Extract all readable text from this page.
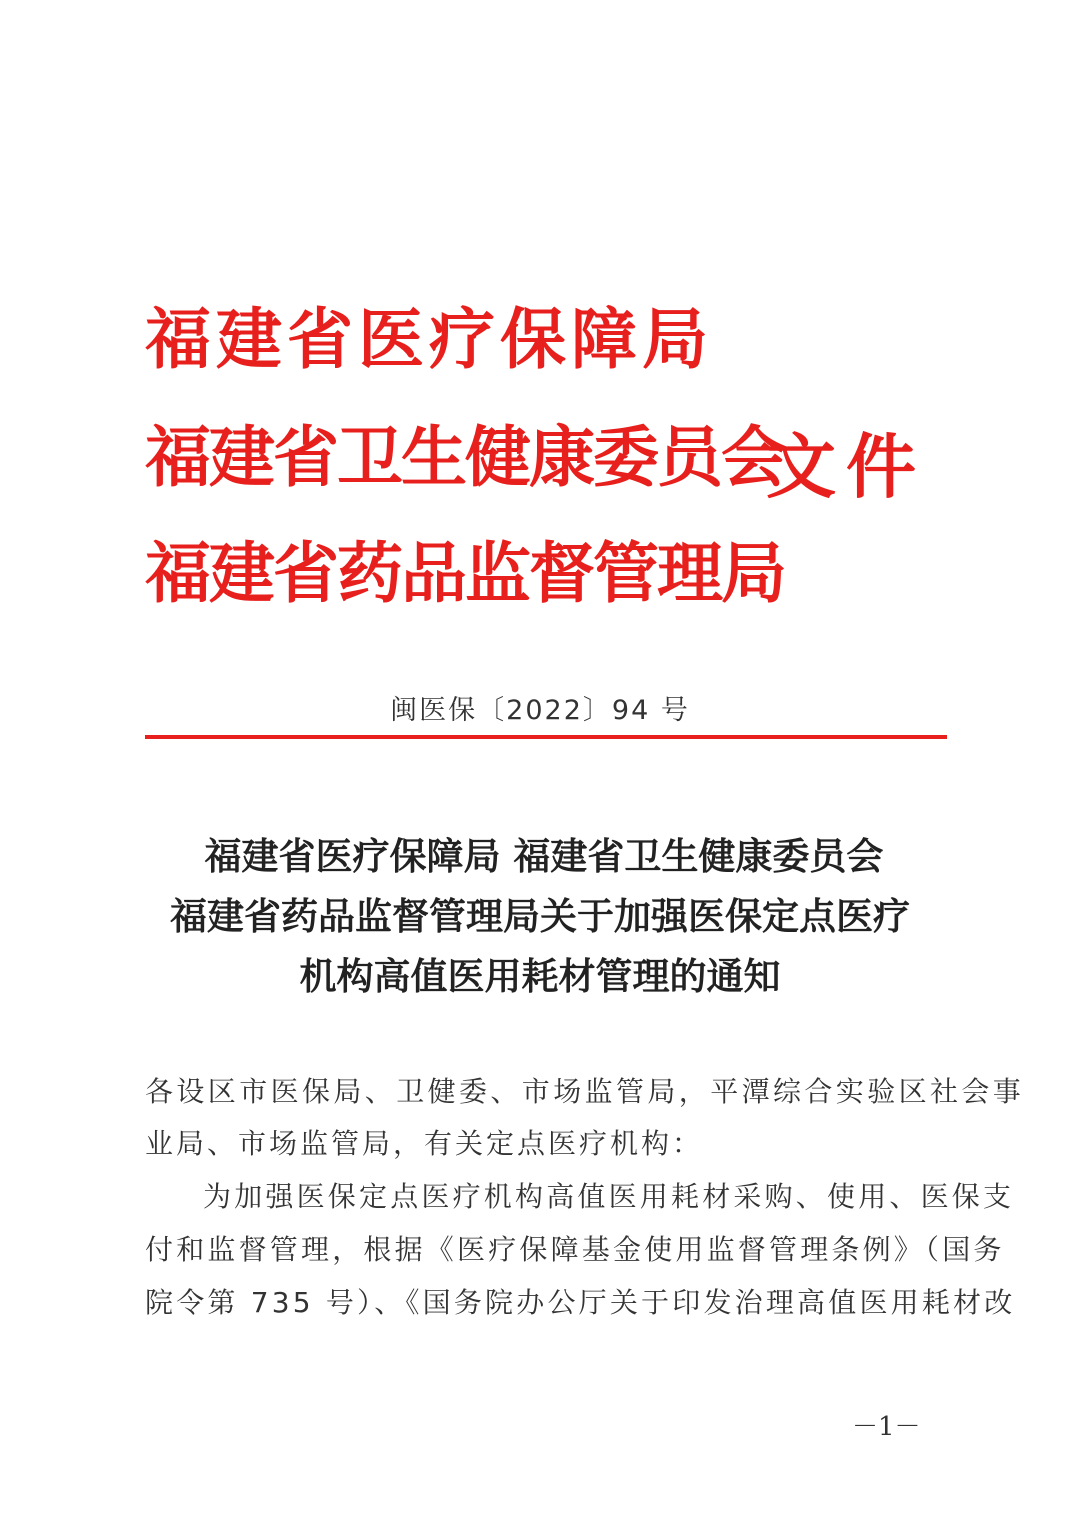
福建省医疗保障局
福建省卫生健康委员会
福建省药品监督管理局
文件
闽医保〔2022〕94 号
福建省医疗保障局 福建省卫生健康委员会
福建省药品监督管理局关于加强医保定点医疗
机构高值医用耗材管理的通知
各设区市医保局、卫健委、市场监管局，平潭综合实验区社会事
业局、市场监管局，有关定点医疗机构：
为加强医保定点医疗机构高值医用耗材采购、使用、医保支
付和监督管理，根据《医疗保障基金使用监督管理条例》（国务
院令第 735 号）、《国务院办公厅关于印发治理高值医用耗材改
－1－
